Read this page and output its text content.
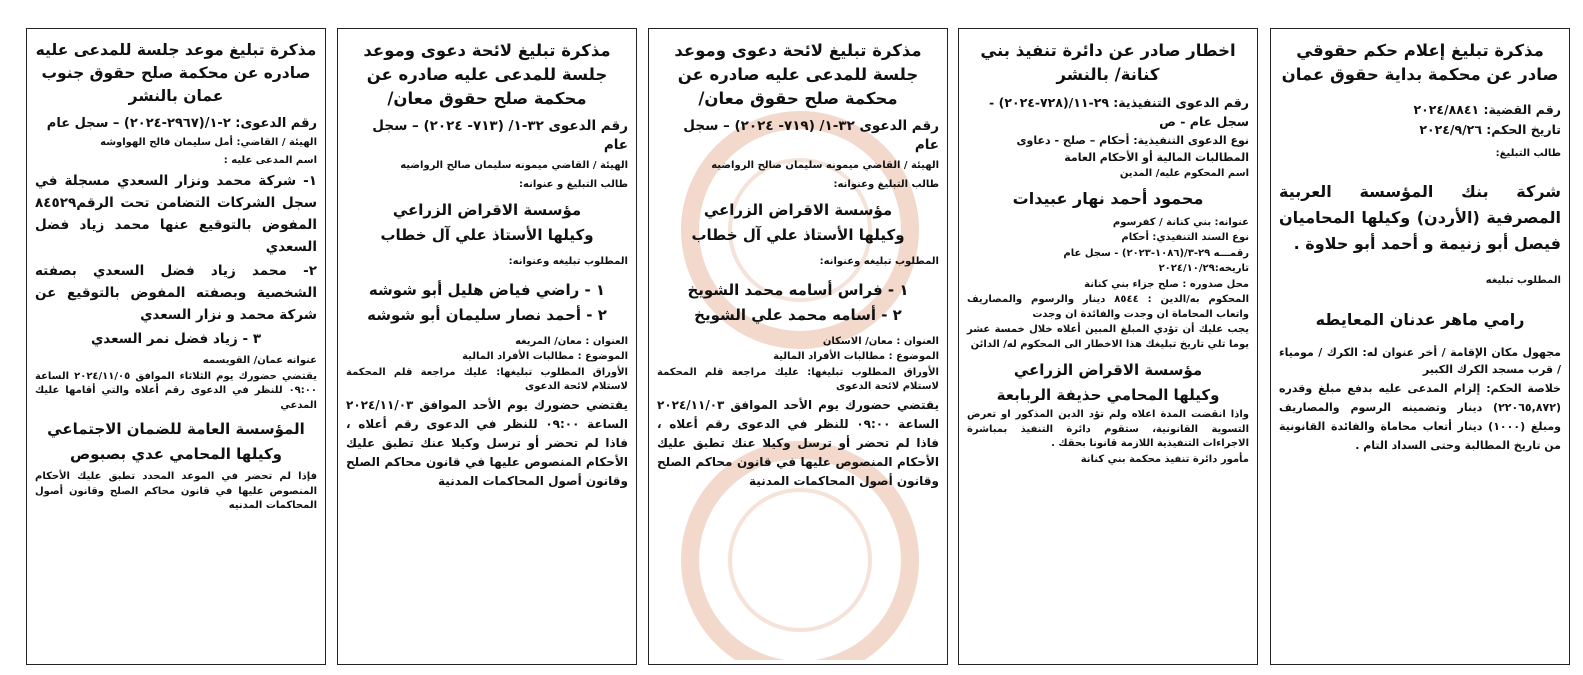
مذكرة تبليغ إعلام حكم حقوقي صادر عن محكمة بداية حقوق عمان
رقم القضية: ٢٠٢٤/٨٨٤١
تاريخ الحكم: ٢٠٢٤/٩/٢٦
طالب التبليغ:
شركة بنك المؤسسة العربية المصرفية (الأردن) وكيلها المحاميان فيصل أبو زنيمة و أحمد أبو حلاوة .
المطلوب تبليغه
رامي ماهر عدنان المعايطه
مجهول مكان الإقامة / أخر عنوان له: الكرك / مومياء / قرب مسجد الكرك الكبير
خلاصة الحكم: إلزام المدعى عليه بدفع مبلغ وقدره (٢٢٠٦٥,٨٧٢) دينار وتضمينه الرسوم والمصاريف ومبلغ (١٠٠٠) دينار أتعاب محاماة والفائدة القانونية من تاريخ المطالبة وحتى السداد التام .
اخطار صادر عن دائرة تنفيذ بني كنانة/ بالنشر
رقم الدعوى التنفيذية: ٢٩-١١/(٧٢٨-٢٠٢٤) - سجل عام - ص
نوع الدعوى التنفيذية: أحكام – صلح - دعاوى المطالبات المالية أو الأحكام العامة
اسم المحكوم عليه/ المدين
محمود أحمد نهار عبيدات
عنوانه: بني كنانة / كفرسوم
نوع السند التنفيذي: أحكام
رقمـــه ٢٩-٣/(١٠٨٦-٢٠٢٣) - سجل عام
تاريخه:٢٠٢٤/١٠/٢٩
محل صدوره : صلح جزاء بني كنانة
المحكوم به/الدين : ٨٥٤٤ دينار والرسوم والمصاريف واتعاب المحاماة ان وجدت والفائدة ان وجدت
يجب عليك أن تؤدي المبلغ المبين أعلاه خلال خمسة عشر يوما تلي تاريخ تبليغك هذا الاخطار الى المحكوم له/ الدائن
مؤسسة الاقراض الزراعي
وكيلها المحامي حذيفة الربابعة
واذا انقضت المدة اعلاه ولم تؤد الدين المذكور او تعرض التسوية القانونية، ستقوم دائرة التنفيذ بمباشرة الاجراءات التنفيذية اللازمة قانونا بحقك .
مأمور دائرة تنفيذ محكمة بني كنانة
مذكرة تبليغ لائحة دعوى وموعد جلسة للمدعى عليه صادره عن محكمة صلح حقوق معان/
رقم الدعوى ٣٢-١/ (٧١٩- ٢٠٢٤) – سجل عام
الهيئة / القاضي ميمونه سليمان صالح الرواضيه
طالب التبليغ وعنوانه:
مؤسسة الاقراض الزراعي
وكيلها الأستاذ علي آل خطاب
المطلوب تبليغه وعنوانه:
١ - فراس أسامه محمد الشويخ
٢ - أسامه محمد علي الشويخ
العنوان : معان/ الاسكان
الموضوع : مطالبات الأفراد المالية
الأوراق المطلوب تبليغها: عليك مراجعة قلم المحكمة لاستلام لائحة الدعوى
يقتضي حضورك يوم الأحد الموافق ٢٠٢٤/١١/٠٣ الساعة ٠٩:٠٠ للنظر في الدعوى رقم أعلاه ، فاذا لم تحضر أو ترسل وكيلا عنك تطبق عليك الأحكام المنصوص عليها في قانون محاكم الصلح وقانون أصول المحاكمات المدنية
مذكرة تبليغ لائحة دعوى وموعد جلسة للمدعى عليه صادره عن محكمة صلح حقوق معان/
رقم الدعوى ٣٢-١/ (٧١٣- ٢٠٢٤) – سجل عام
الهيئة / القاضي ميمونه سليمان صالح الرواضيه
طالب التبليغ و عنوانه:
مؤسسة الاقراض الزراعي
وكيلها الأستاذ علي آل خطاب
المطلوب تبليغه وعنوانه:
١ - راضي فياض هليل أبو شوشه
٢ - أحمد نصار سليمان أبو شوشه
العنوان : معان/ المريغه
الموضوع : مطالبات الأفراد المالية
الأوراق المطلوب تبليغها: عليك مراجعة قلم المحكمة لاستلام لائحة الدعوى
يقتضي حضورك يوم الأحد الموافق ٢٠٢٤/١١/٠٣ الساعة ٠٩:٠٠ للنظر في الدعوى رقم أعلاه ، فاذا لم تحضر أو ترسل وكيلا عنك تطبق عليك الأحكام المنصوص عليها في قانون محاكم الصلح وقانون أصول المحاكمات المدنية
مذكرة تبليغ موعد جلسة للمدعى عليه صادره عن محكمة صلح حقوق جنوب عمان بالنشر
رقم الدعوى: ٢-١/(٢٩٦٧-٢٠٢٤) – سجل عام
الهيئة / القاضي: أمل سليمان فالح الهواوشه
اسم المدعى عليه :
١- شركة محمد ونزار السعدي مسجلة في سجل الشركات التضامن تحت الرقم٨٤٥٢٩ المفوض بالتوقيع عنها محمد زياد فضل السعدي
٢- محمد زياد فضل السعدي بصفته الشخصية وبصفته المفوض بالتوقيع عن شركة محمد و نزار السعدي
٣ - زياد فضل نمر السعدي
عنوانه عمان/ القويسمه
يقتضي حضورك يوم الثلاثاء الموافق ٢٠٢٤/١١/٠٥ الساعة ٠٩:٠٠ للنظر في الدعوى رقم أعلاه والتي أقامها عليك المدعي
المؤسسة العامة للضمان الاجتماعي
وكيلها المحامي عدي بصبوص
فإذا لم تحضر في الموعد المحدد تطبق عليك الأحكام المنصوص عليها في قانون محاكم الصلح وقانون أصول المحاكمات المدنيه
